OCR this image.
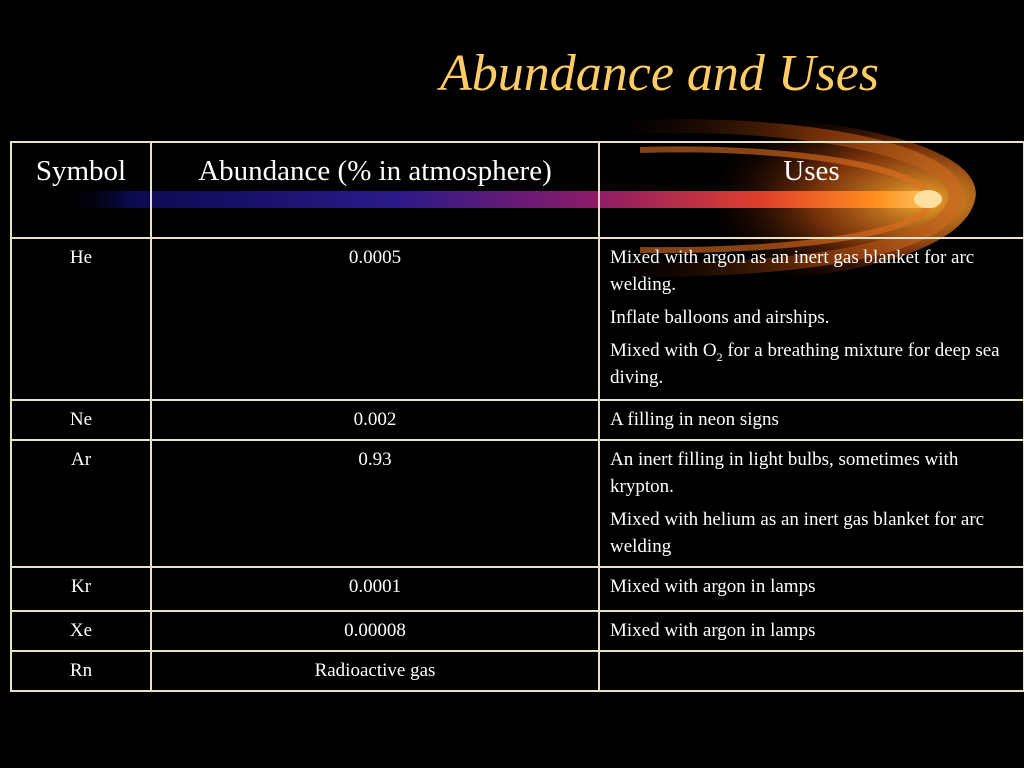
Abundance and Uses
Symbol	Abundance (% in atmosphere)	Uses
He	0.0005	Mixed with argon as an inert gas blanket for arc welding.

Inflate balloons and airships.

Mixed with $O_2$ for a breathing mixture for deep sea diving.

Ne	0.002	A filling in neon signs

Ar	0.93	An inert filling in light bulbs, sometimes with krypton.

Mixed with helium as an inert gas blanket for arc welding

Kr	0.0001	Mixed with argon in lamps

Xe	0.00008	Mixed with argon in lamps

Rn	Radioactive gas	
